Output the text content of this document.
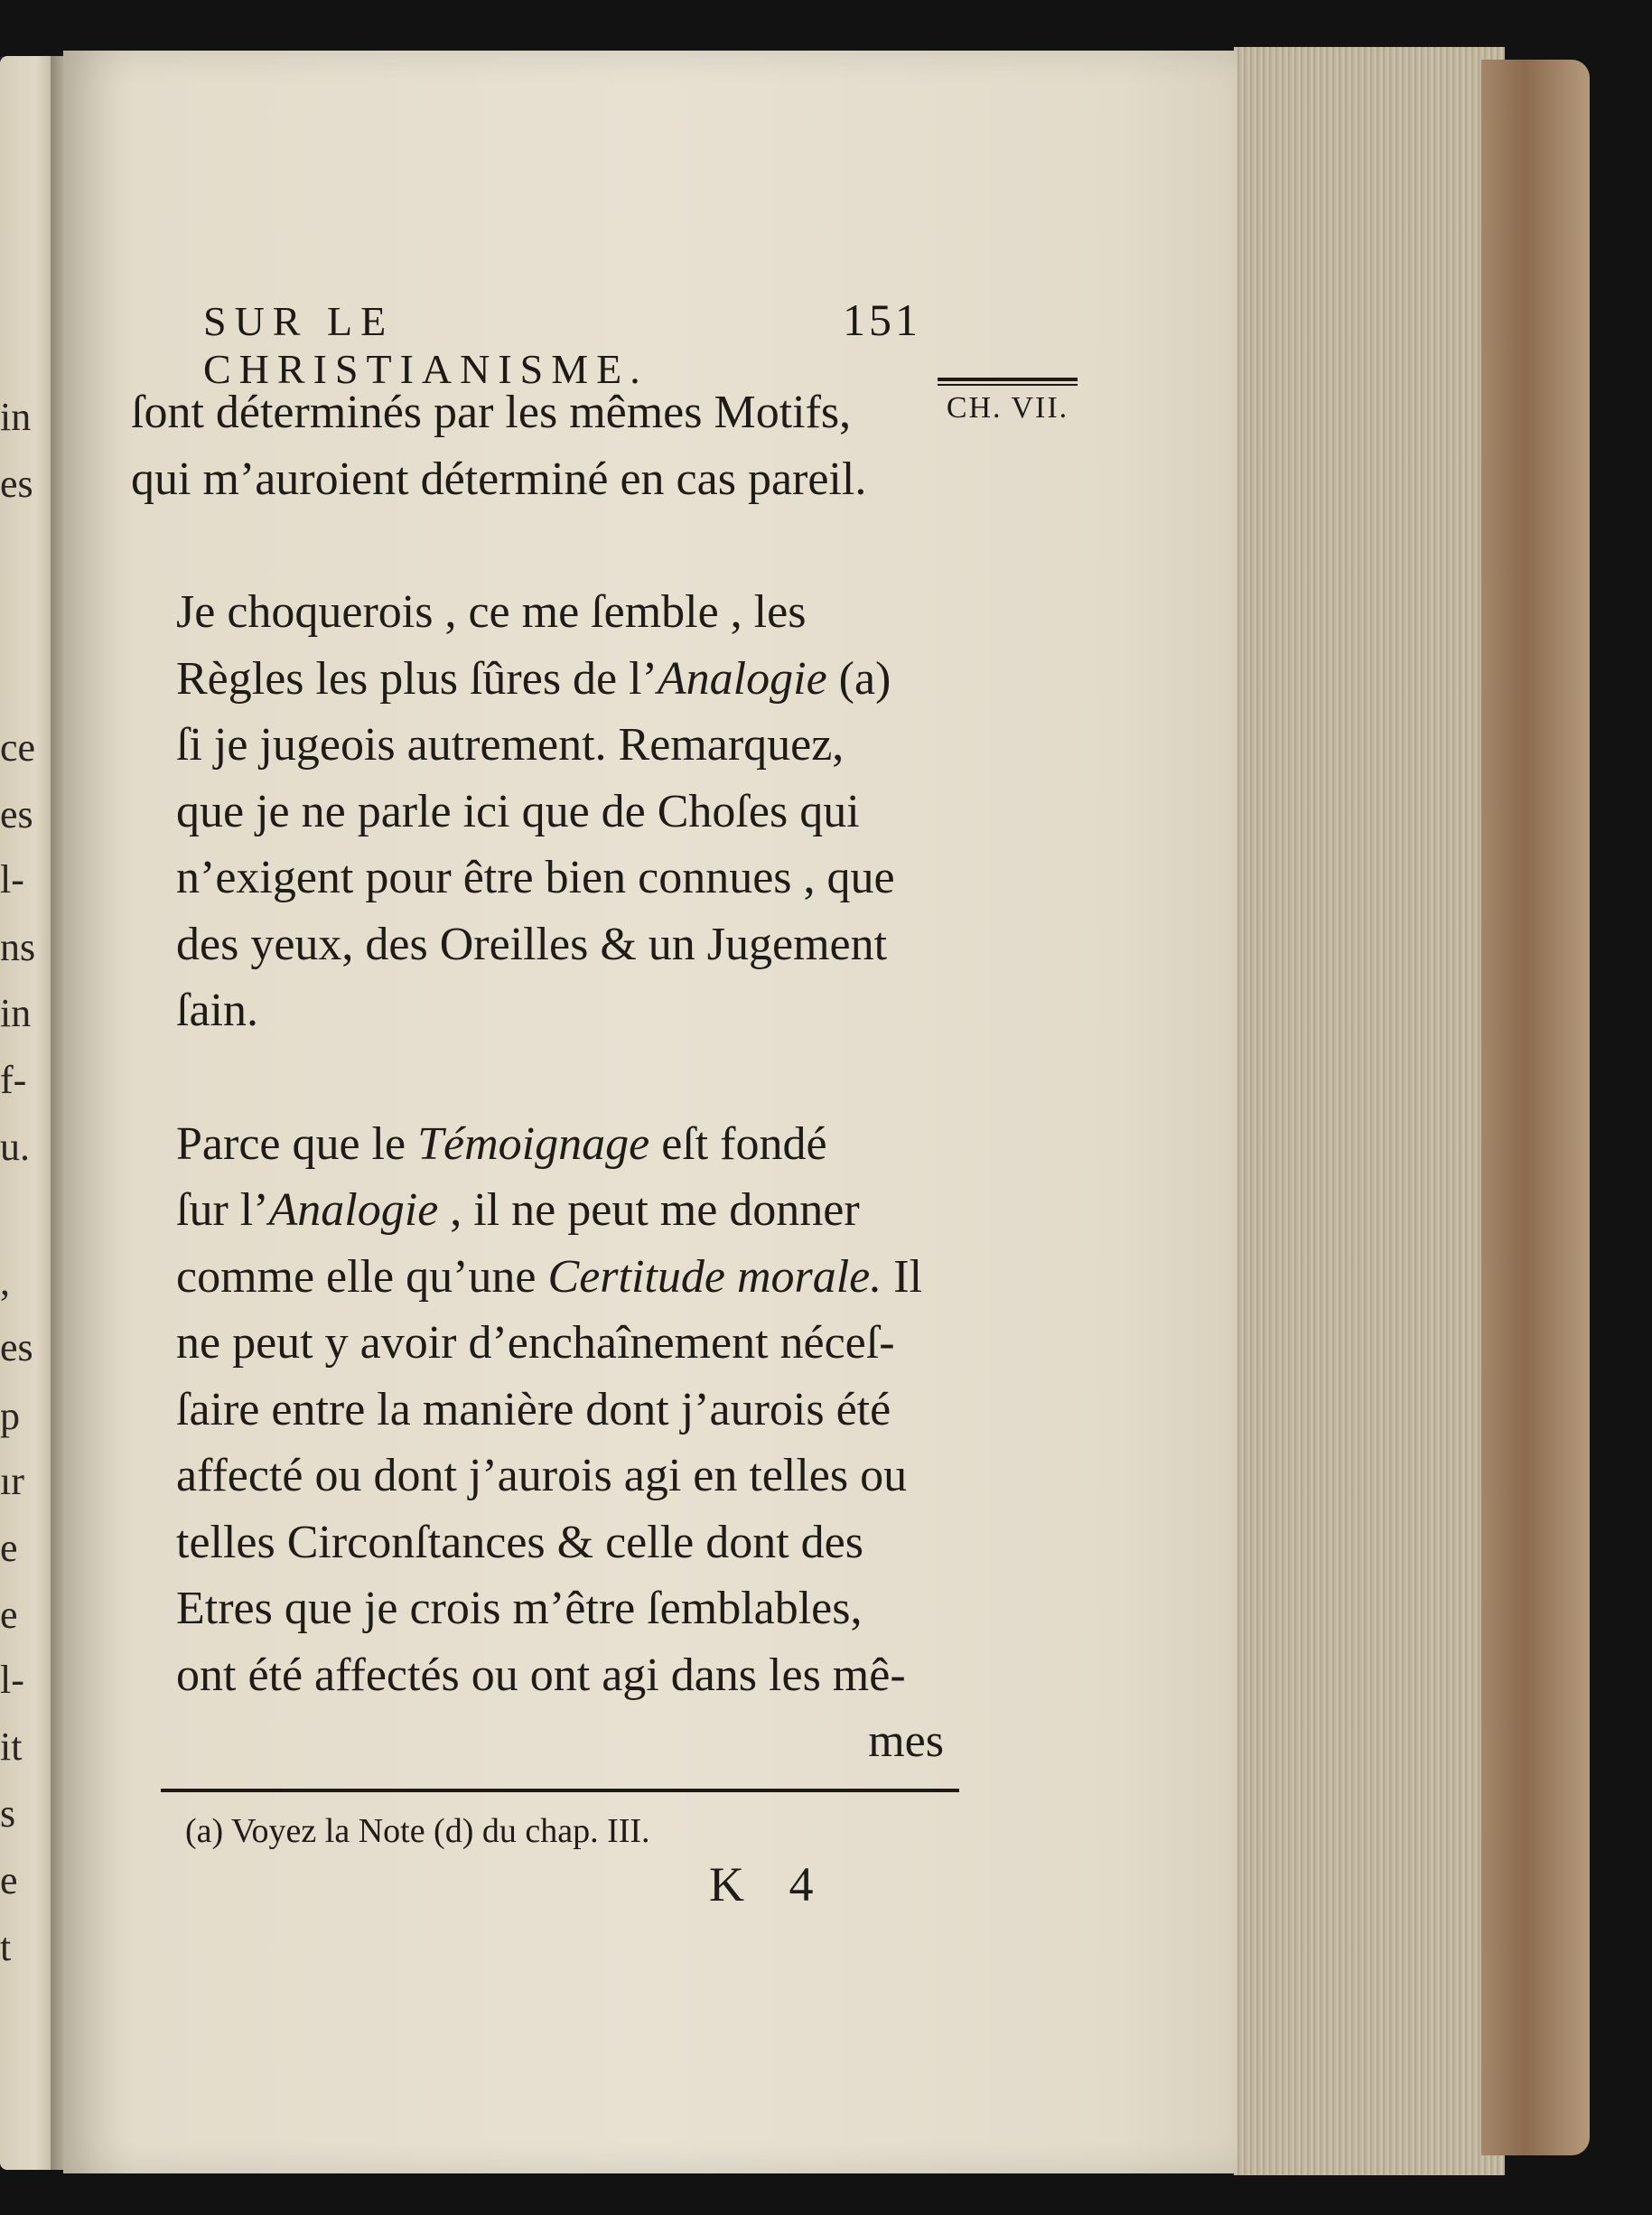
in
es
ce
es
l-
ns
in
f-
u.
,
es
p
ır
e
e
l-
it
s
e
t
SUR LE CHRISTIANISME.
151
CH. VII.

ſont déterminés par les mêmes Motifs,
qui m’auroient déterminé en cas pareil.

Je choquerois , ce me ſemble , les
Règles les plus ſûres de l’Analogie (a)
ſi je jugeois autrement. Remarquez,
que je ne parle ici que de Choſes qui
n’exigent pour être bien connues , que
des yeux, des Oreilles & un Jugement
ſain.

Parce que le Témoignage eſt fondé
ſur l’Analogie , il ne peut me donner
comme elle qu’une Certitude morale. Il
ne peut y avoir d’enchaînement néceſ-
ſaire entre la manière dont j’aurois été
affecté ou dont j’aurois agi en telles ou
telles Circonſtances & celle dont des
Etres que je crois m’être ſemblables,
ont été affectés ou ont agi dans les mê-

mes

(a) Voyez la Note (d) du chap. III.
K 4
